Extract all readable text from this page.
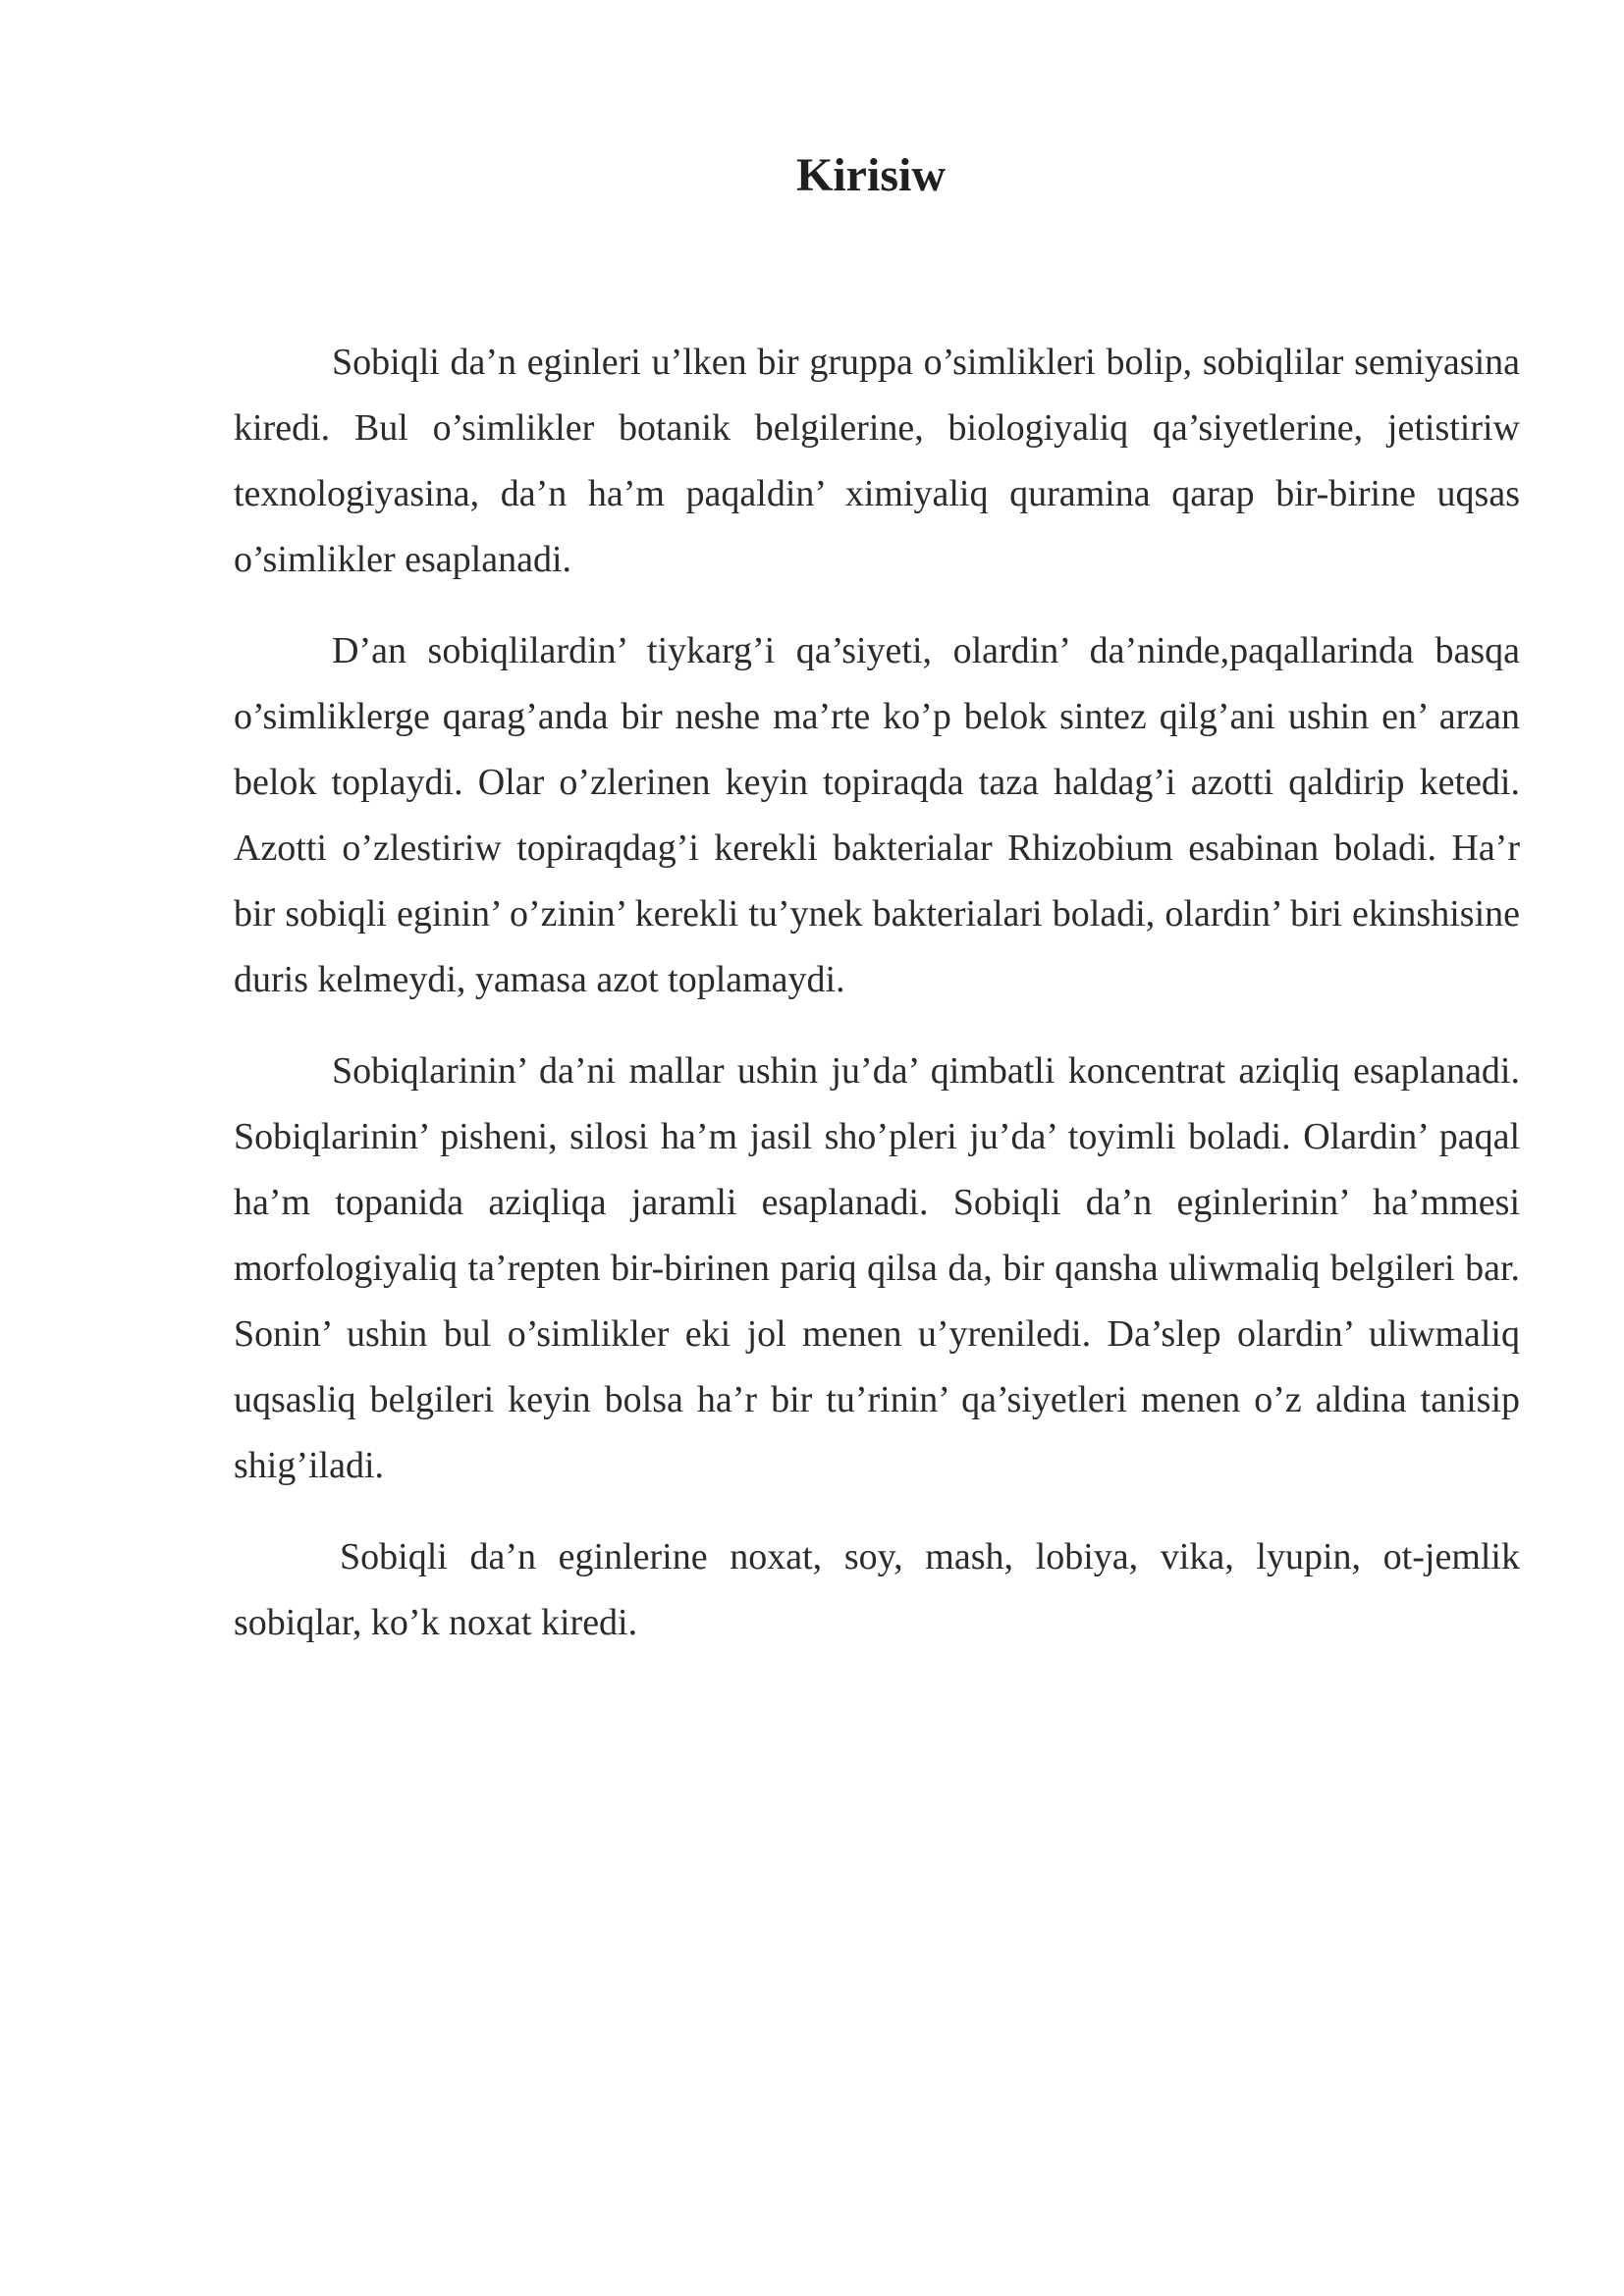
Kirisiw

Sobiqli da’n eginleri u’lken bir gruppa o’simlikleri bolip, sobiqlilar semiyasina kiredi. Bul o’simlikler botanik belgilerine, biologiyaliq qa’siyetlerine, jetistiriw texnologiyasina, da’n ha’m paqaldin’ ximiyaliq quramina qarap bir-birine uqsas o’simlikler esaplanadi.

D’an sobiqlilardin’ tiykarg’i qa’siyeti, olardin’ da’ninde,paqallarinda basqa o’simliklerge qarag’anda bir neshe ma’rte ko’p belok sintez qilg’ani ushin en’ arzan belok toplaydi. Olar o’zlerinen keyin topiraqda taza haldag’i azotti qaldirip ketedi. Azotti o’zlestiriw topiraqdag’i kerekli bakterialar Rhizobium esabinan boladi. Ha’r bir sobiqli eginin’ o’zinin’ kerekli tu’ynek bakterialari boladi, olardin’ biri ekinshisine duris kelmeydi, yamasa azot toplamaydi.

Sobiqlarinin’ da’ni mallar ushin ju’da’ qimbatli koncentrat aziqliq esaplanadi. Sobiqlarinin’ pisheni, silosi ha’m jasil sho’pleri ju’da’ toyimli boladi. Olardin’ paqal ha’m topanida aziqliqa jaramli esaplanadi. Sobiqli da’n eginlerinin’ ha’mmesi morfologiyaliq ta’repten bir-birinen pariq qilsa da, bir qansha uliwmaliq belgileri bar. Sonin’ ushin bul o’simlikler eki jol menen u’yreniledi. Da’slep olardin’ uliwmaliq uqsasliq belgileri keyin bolsa ha’r bir tu’rinin’ qa’siyetleri menen o’z aldina tanisip shig’iladi.

Sobiqli da’n eginlerine noxat, soy, mash, lobiya, vika, lyupin, ot-jemlik sobiqlar, ko’k noxat kiredi.
